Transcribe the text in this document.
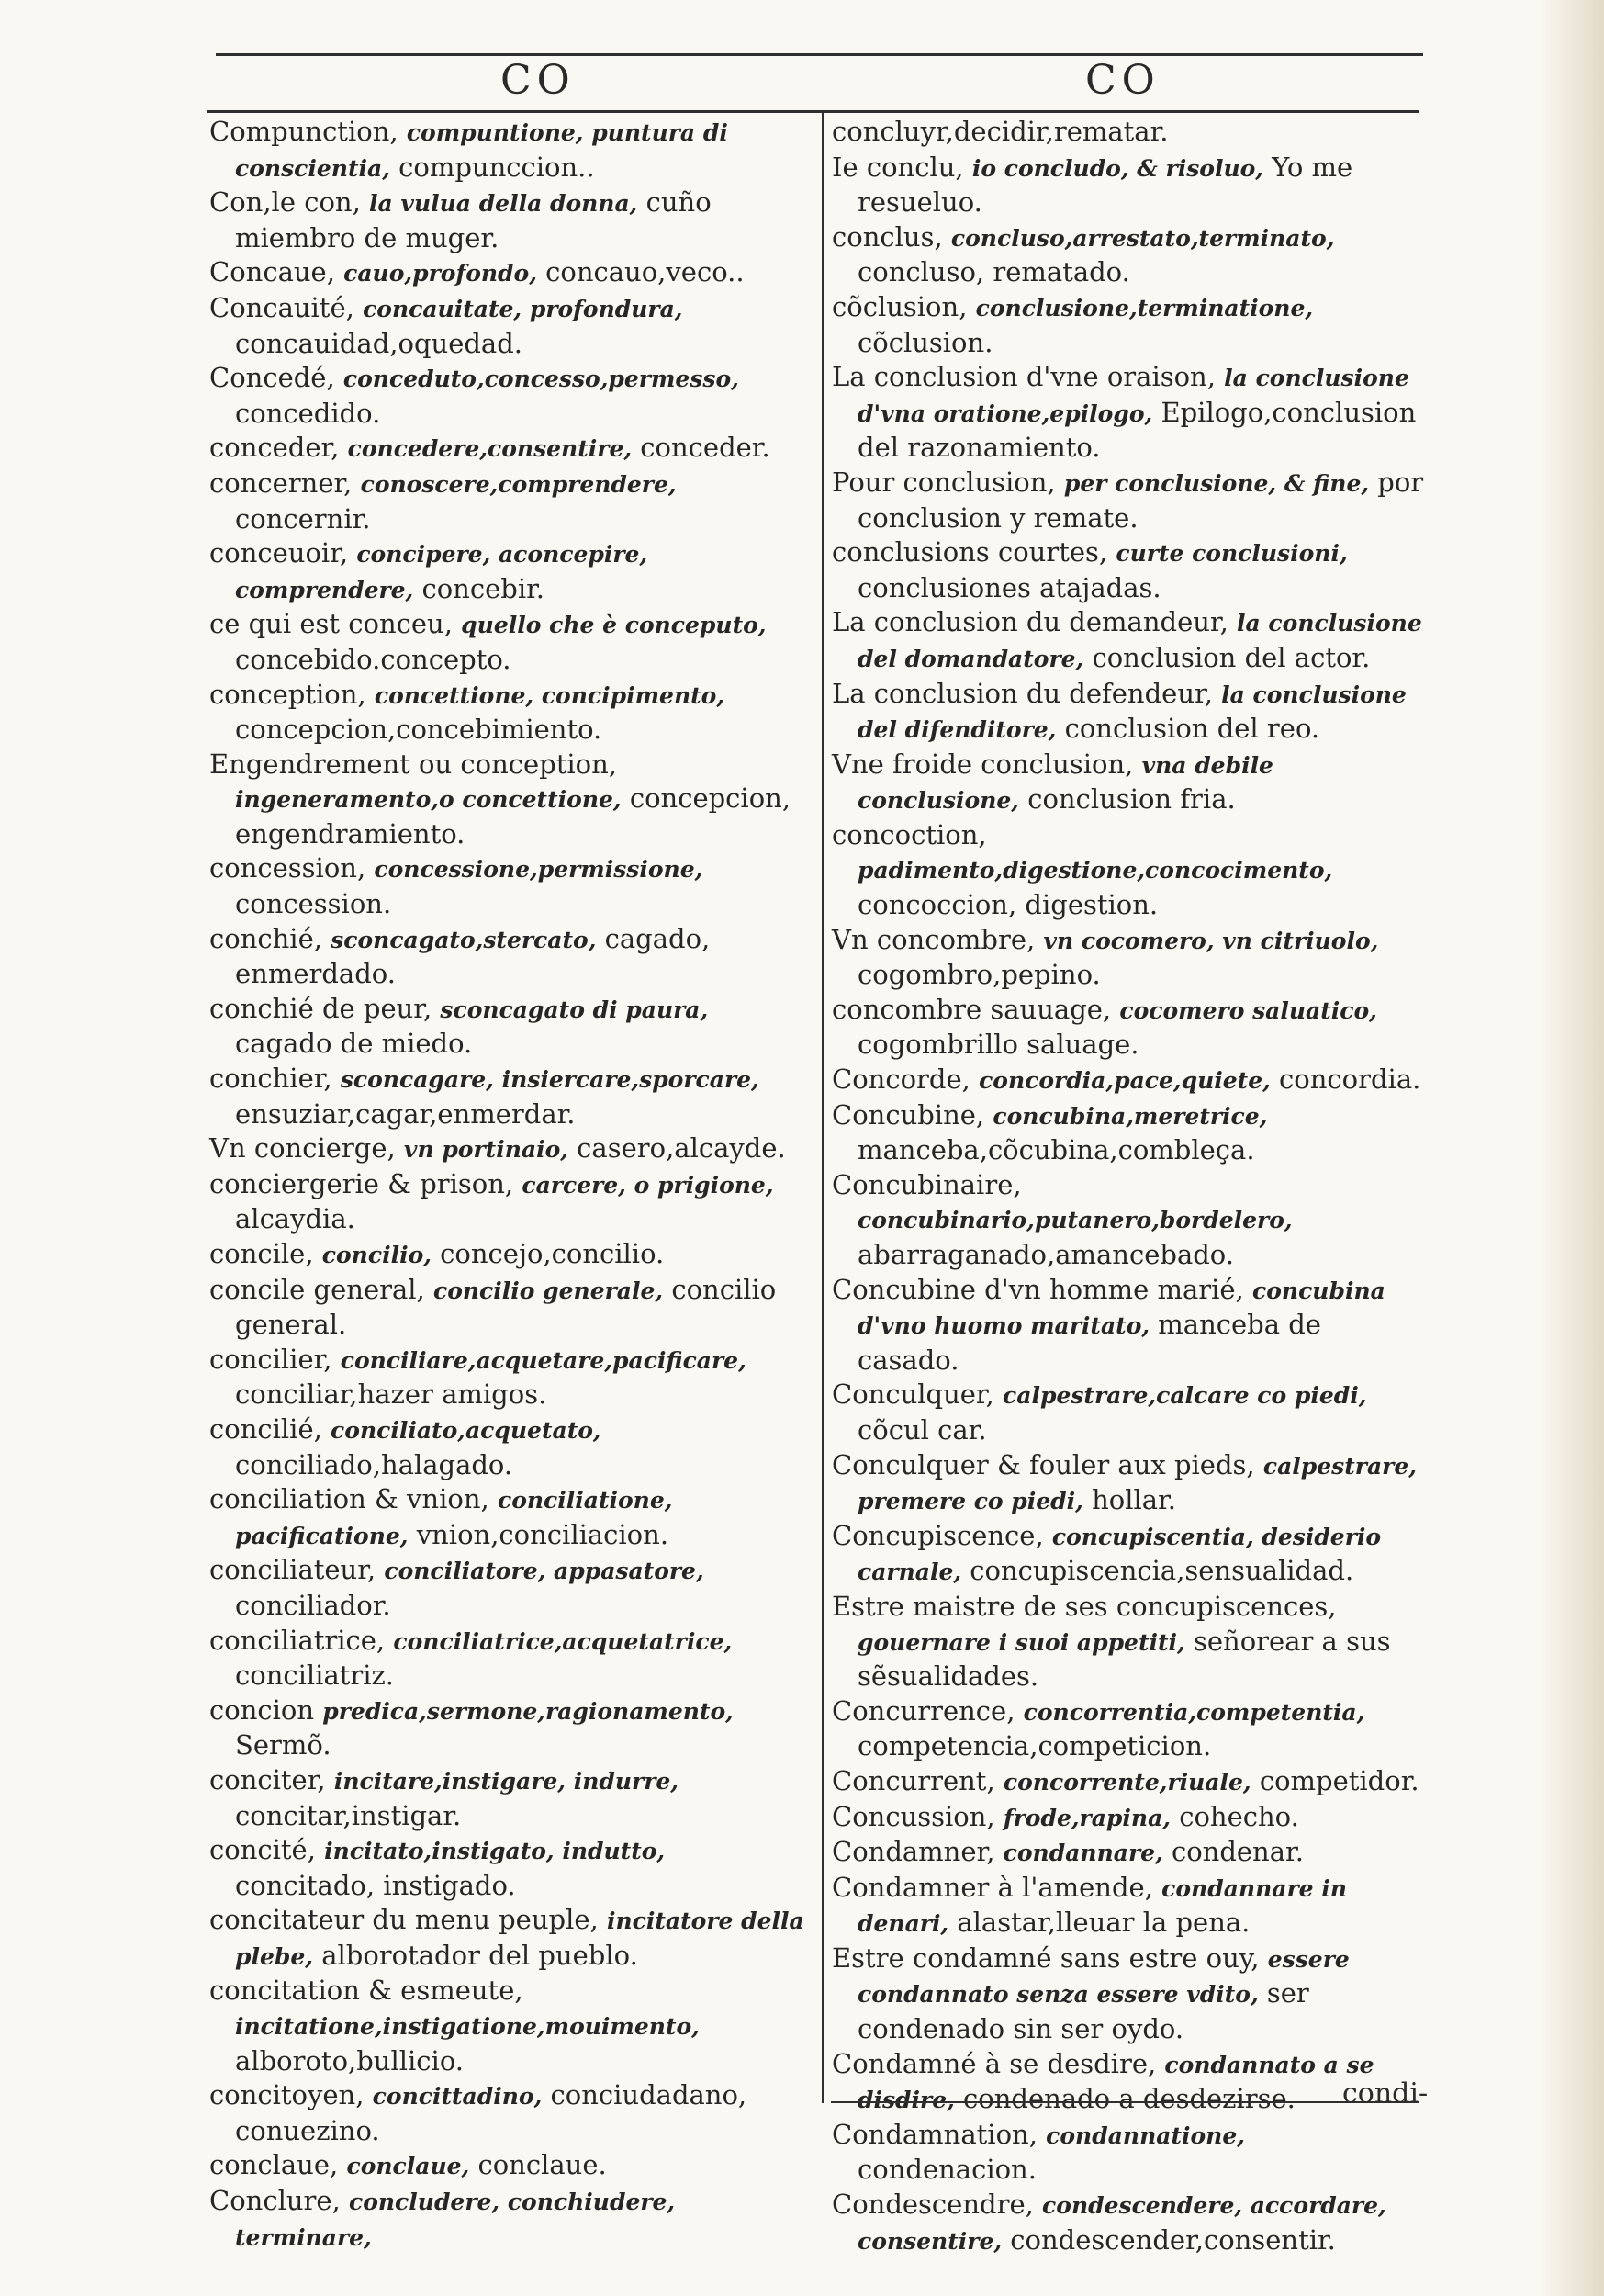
CO	CO

Compunction, compuntione, puntura di conscientia, compunccion..

Con,le con, la vulua della donna, cuño miembro de muger.

Concaue, cauo,profondo, concauo,veco..

Concauité, concauitate, profondura, concauidad,oquedad.

Concedé, conceduto,concesso,permesso, concedido.

conceder, concedere,consentire, conceder.

concerner, conoscere,comprendere, concernir.

conceuoir, concipere, aconcepire, comprendere, concebir.

ce qui est conceu, quello che è conceputo, concebido.concepto.

conception, concettione, concipimento, concepcion,concebimiento.

Engendrement ou conception, ingeneramento,o concettione, concepcion, engendramiento.

concession, concessione,permissione, concession.

conchié, sconcagato,stercato, cagado, enmerdado.

conchié de peur, sconcagato di paura, cagado de miedo.

conchier, sconcagare, insiercare,sporcare, ensuziar,cagar,enmerdar.

Vn concierge, vn portinaio, casero,alcayde.

conciergerie & prison, carcere, o prigione, alcaydia.

concile, concilio, concejo,concilio.

concile general, concilio generale, concilio general.

concilier, conciliare,acquetare,pacificare, conciliar,hazer amigos.

concilié, conciliato,acquetato, conciliado,halagado.

conciliation & vnion, conciliatione, pacificatione, vnion,conciliacion.

conciliateur, conciliatore, appasatore, conciliador.

conciliatrice, conciliatrice,acquetatrice, conciliatriz.

concion predica,sermone,ragionamento, Sermõ.

conciter, incitare,instigare, indurre, concitar,instigar.

concité, incitato,instigato, indutto, concitado, instigado.

concitateur du menu peuple, incitatore della plebe, alborotador del pueblo.

concitation & esmeute, incitatione,instigatione,mouimento, alboroto,bullicio.

concitoyen, concittadino, conciudadano, conuezino.

conclaue, conclaue, conclaue.

Conclure, concludere, conchiudere, terminare,

concluyr,decidir,rematar.

Ie conclu, io concludo, & risoluo, Yo me resueluo.

conclus, concluso,arrestato,terminato, concluso, rematado.

cõclusion, conclusione,terminatione, cõclusion.

La conclusion d'vne oraison, la conclusione d'vna oratione,epilogo, Epilogo,conclusion del razonamiento.

Pour conclusion, per conclusione, & fine, por conclusion y remate.

conclusions courtes, curte conclusioni, conclusiones atajadas.

La conclusion du demandeur, la conclusione del domandatore, conclusion del actor.

La conclusion du defendeur, la conclusione del difenditore, conclusion del reo.

Vne froide conclusion, vna debile conclusione, conclusion fria.

concoction, padimento,digestione,concocimento, concoccion, digestion.

Vn concombre, vn cocomero, vn citriuolo, cogombro,pepino.

concombre sauuage, cocomero saluatico, cogombrillo saluage.

Concorde, concordia,pace,quiete, concordia.

Concubine, concubina,meretrice, manceba,cõcubina,combleça.

Concubinaire, concubinario,putanero,bordelero, abarraganado,amancebado.

Concubine d'vn homme marié, concubina d'vno huomo maritato, manceba de casado.

Conculquer, calpestrare,calcare co piedi, cõcul car.

Conculquer & fouler aux pieds, calpestrare, premere co piedi, hollar.

Concupiscence, concupiscentia, desiderio carnale, concupiscencia,sensualidad.

Estre maistre de ses concupiscences, gouernare i suoi appetiti, señorear a sus sẽsualidades.

Concurrence, concorrentia,competentia, competencia,competicion.

Concurrent, concorrente,riuale, competidor.

Concussion, frode,rapina, cohecho.

Condamner, condannare, condenar.

Condamner à l'amende, condannare in denari, alastar,lleuar la pena.

Estre condamné sans estre ouy, essere condannato senza essere vdito, ser condenado sin ser oydo.

Condamné à se desdire, condannato a se disdire, condenado a desdezirse.

Condamnation, condannatione, condenacion.

Condescendre, condescendere, accordare, consentire, condescender,consentir.

condi-
